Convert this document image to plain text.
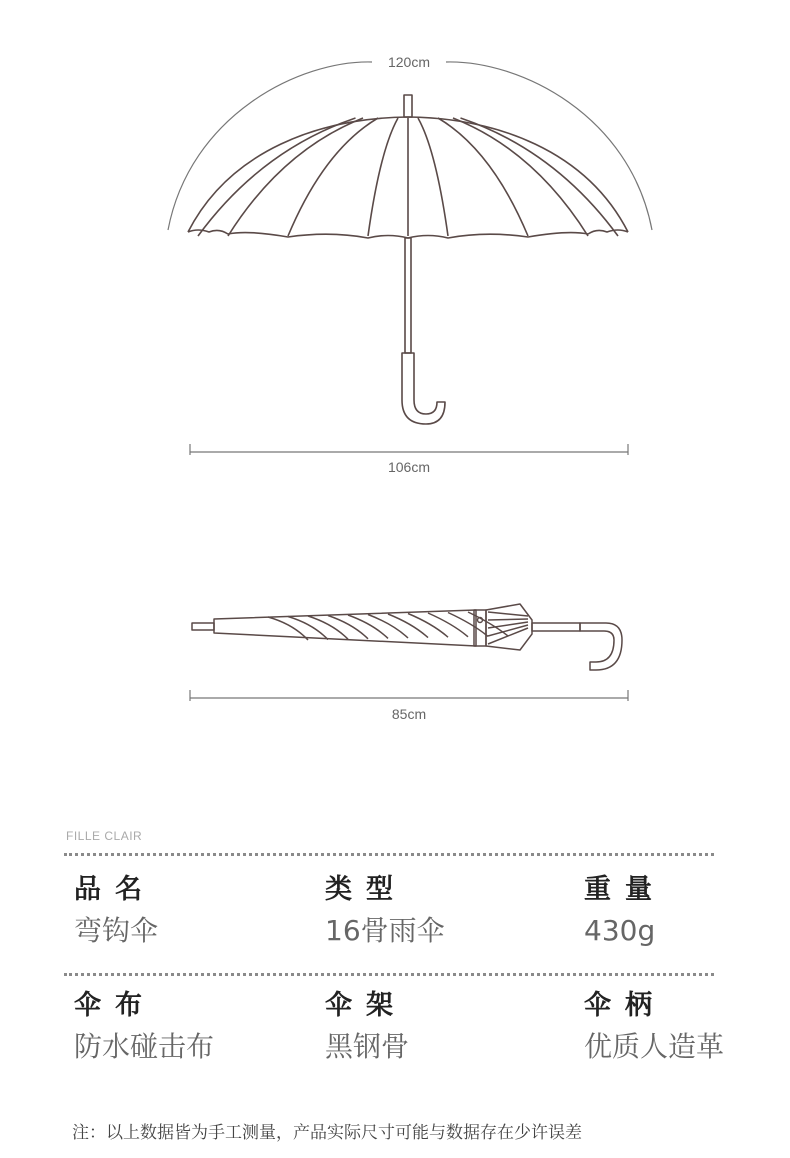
120cm
106cm
85cm
FILLE CLAIR
品名
弯钩伞
类型
16骨雨伞
重量
430g
伞布
防水碰击布
伞架
黑钢骨
伞柄
优质人造革
注：以上数据皆为手工测量，产品实际尺寸可能与数据存在少许误差
